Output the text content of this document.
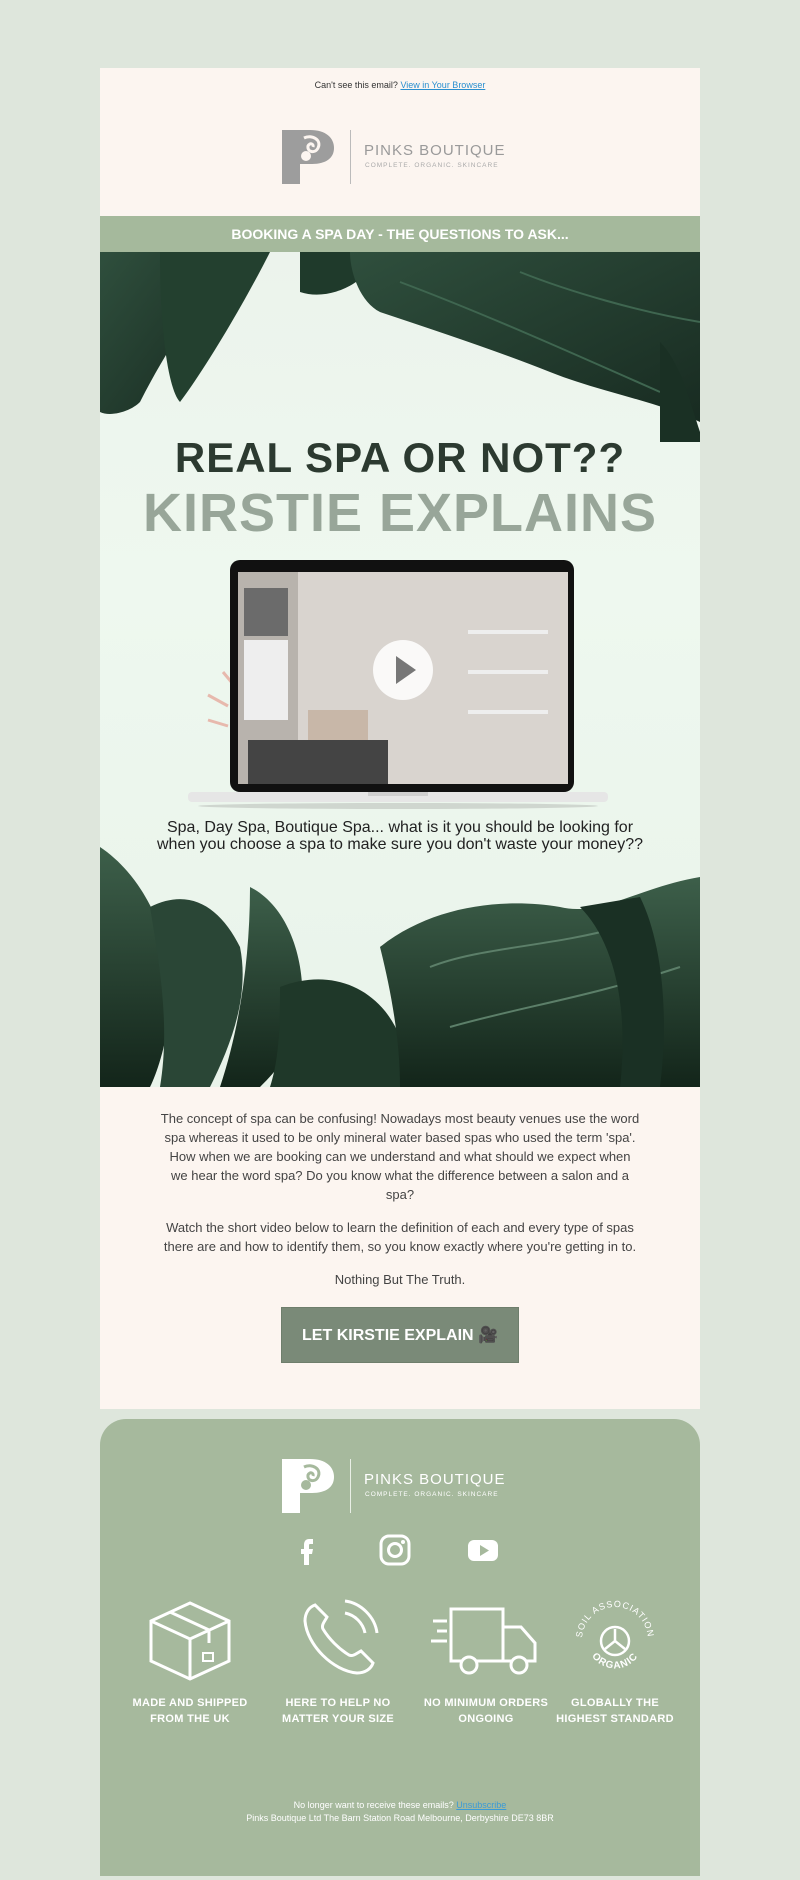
Can't see this email? View in Your Browser
PINKS BOUTIQUE
COMPLETE. ORGANIC. SKINCARE
BOOKING A SPA DAY - THE QUESTIONS TO ASK...
REAL SPA OR NOT??
KIRSTIE EXPLAINS
Spa, Day Spa, Boutique Spa... what is it you should be looking for when you choose a spa to make sure you don't waste your money??

The concept of spa can be confusing! Nowadays most beauty venues use the word spa whereas it used to be only mineral water based spas who used the term 'spa'. How when we are booking can we understand and what should we expect when we hear the word spa? Do you know what the difference between a salon and a spa?

Watch the short video below to learn the definition of each and every type of spas there are and how to identify them, so you know exactly where you're getting in to.

Nothing But The Truth.

LET KIRSTIE EXPLAIN 🎥
PINKS BOUTIQUE
COMPLETE. ORGANIC. SKINCARE
MADE AND SHIPPED FROM THE UK
HERE TO HELP NO MATTER YOUR SIZE
NO MINIMUM ORDERS ONGOING
SOIL ASSOCIATION
ORGANIC
GLOBALLY THE HIGHEST STANDARD
No longer want to receive these emails? Unsubscribe
Pinks Boutique Ltd The Barn Station Road Melbourne, Derbyshire DE73 8BR
